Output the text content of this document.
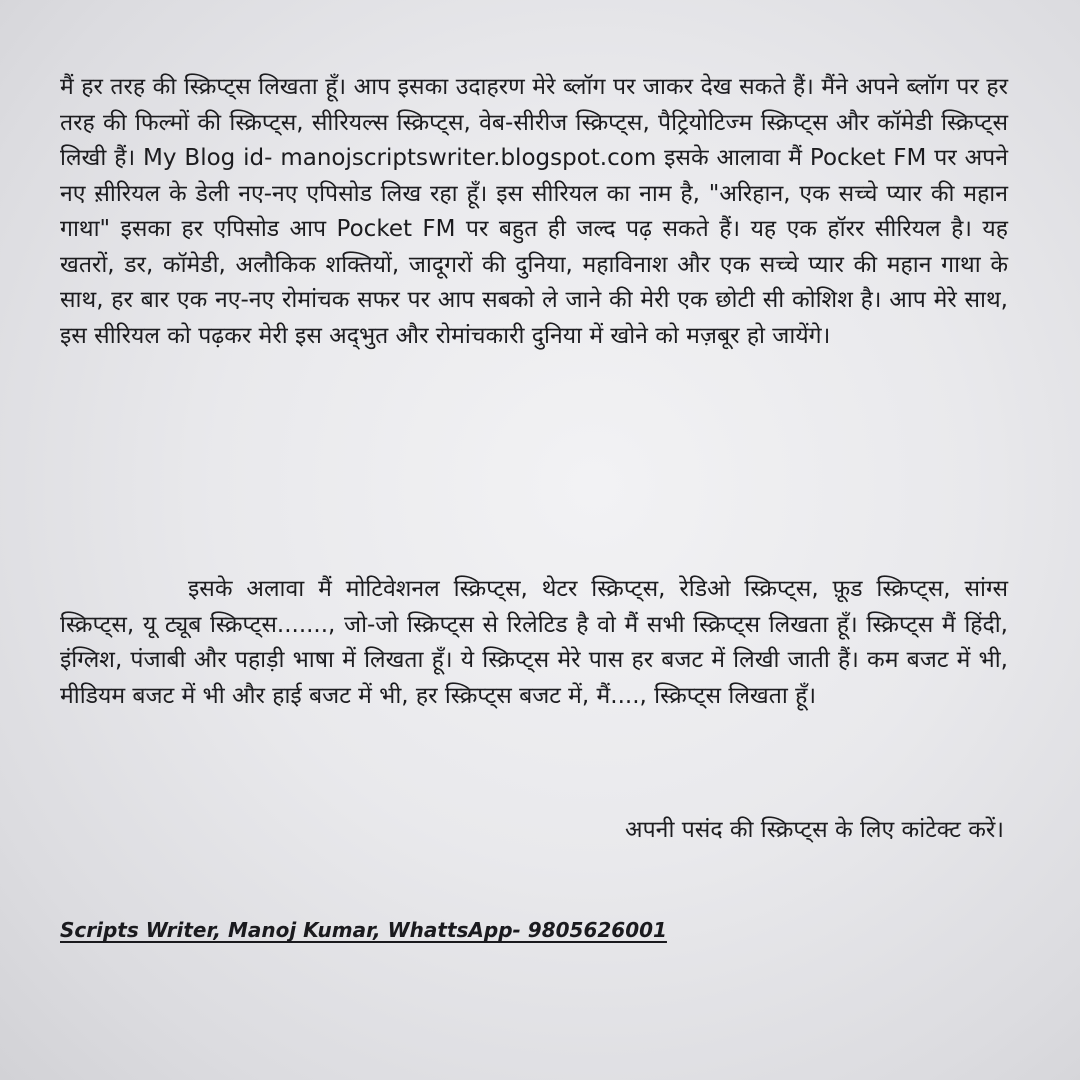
मैं हर तरह की स्क्रिप्ट्स लिखता हूँ। आप इसका उदाहरण मेरे ब्लॉग पर जाकर देख सकते हैं। मैंने अपने ब्लॉग पर हर तरह की फिल्मों की स्क्रिप्ट्स, सीरियल्स स्क्रिप्ट्स, वेब-सीरीज स्क्रिप्ट्स, पैट्रियोटिज्म स्क्रिप्ट्स और कॉमेडी स्क्रिप्ट्स लिखी हैं। My Blog id- manojscriptswriter.blogspot.com इसके आलावा मैं Pocket FM पर अपने नए स़ीरियल के डेली नए-नए एपिसोड लिख रहा हूँ। इस सीरियल का नाम है, "अरिहान, एक सच्चे प्यार की महान गाथा" इसका हर एपिसोड आप Pocket FM पर बहुत ही जल्द पढ़ सकते हैं। यह एक हॉरर सीरियल है। यह खतरों, डर, कॉमेडी, अलौकिक शक्तियों, जादूगरों की दुनिया, महाविनाश और एक सच्चे प्यार की महान गाथा के साथ, हर बार एक नए-नए रोमांचक सफर पर आप सबको ले जाने की मेरी एक छोटी सी कोशिश है। आप मेरे साथ, इस सीरियल को पढ़कर मेरी इस अद्‌भुत और रोमांचकारी दुनिया में खोने को मज़बूर हो जायेंगे।

इसके अलावा मैं मोटिवेशनल स्क्रिप्ट्स, थेटर स्क्रिप्ट्स, रेडिओ स्क्रिप्ट्स, फ़ूड स्क्रिप्ट्स, सांग्स स्क्रिप्ट्स, यू ट्यूब स्क्रिप्ट्स......., जो-जो स्क्रिप्ट्स से रिलेटिड है वो मैं सभी स्क्रिप्ट्स लिखता हूँ। स्क्रिप्ट्स मैं हिंदी, इंग्लिश, पंजाबी और पहाड़ी भाषा में लिखता हूँ। ये स्क्रिप्ट्स मेरे पास हर बजट में लिखी जाती हैं। कम बजट में भी, मीडियम बजट में भी और हाई बजट में भी, हर स्क्रिप्ट्स बजट में, मैं...., स्क्रिप्ट्स लिखता हूँ।

अपनी पसंद की स्क्रिप्ट्स के लिए कांटेक्ट करें।

Scripts Writer, Manoj Kumar, WhattsApp- 9805626001
